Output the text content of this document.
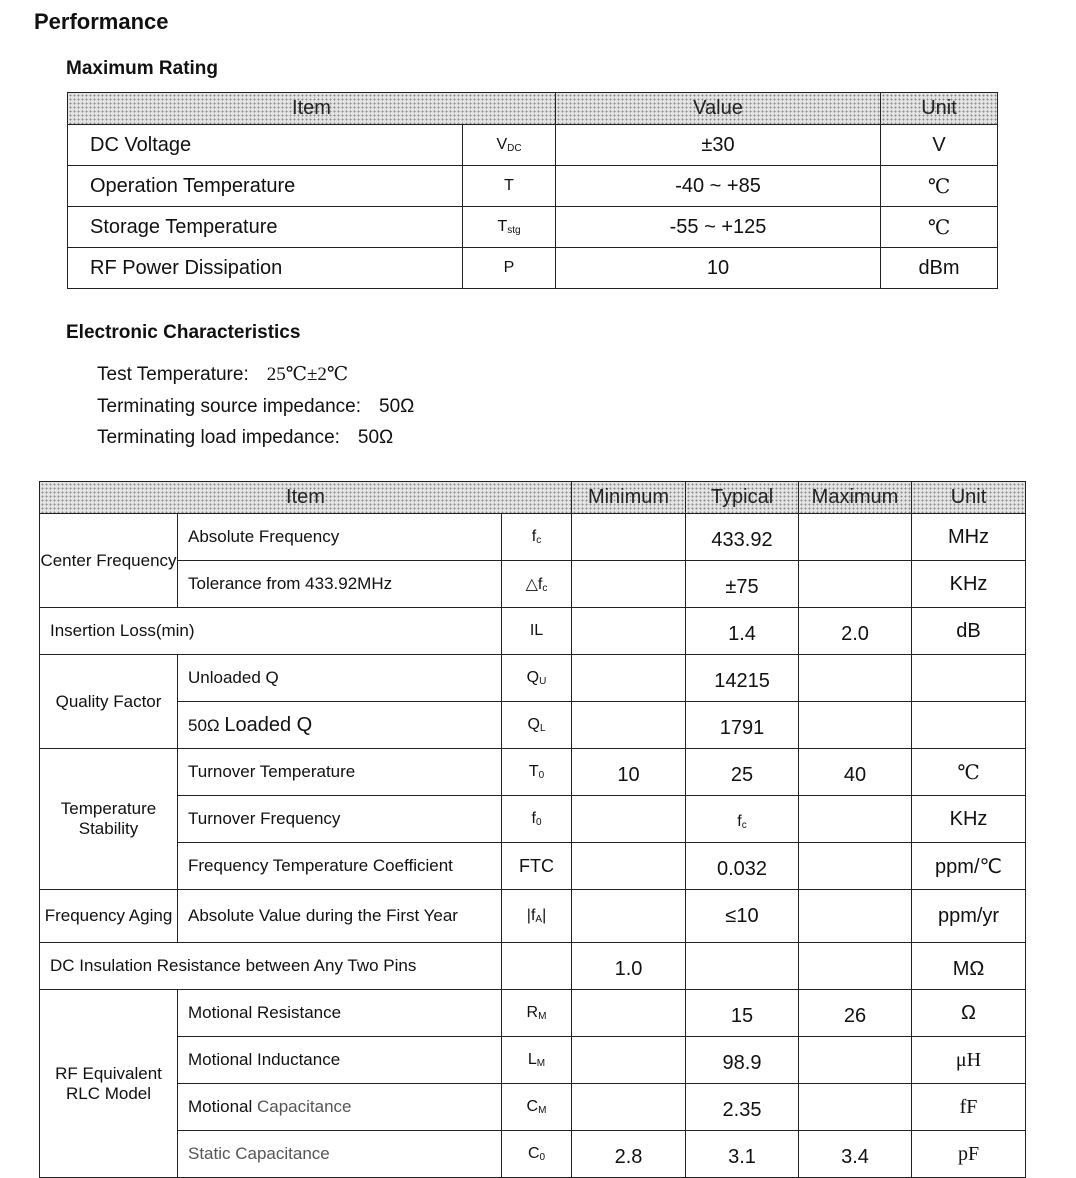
Performance
Maximum Rating
Item		Value	Unit
DC Voltage	$V_{DC}$	±30	V
Operation Temperature	T	-40 ~ +85	℃
Storage Temperature	$T_{stg}$	-55 ~ +125	℃
RF Power Dissipation	P	10	dBm
Electronic Characteristics
Test Temperature: 25℃±2℃
Terminating source impedance: 50Ω
Terminating load impedance: 50Ω
Item			Minimum	Typical	Maximum	Unit
Center Frequency	Absolute Frequency	$f_c$		433.92		MHz
	Tolerance from 433.92MHz	$\triangle f_c$		±75		KHz
Insertion Loss(min)		IL		1.4	2.0	dB
Quality Factor	Unloaded Q	$Q_U$		14215		
	50Ω Loaded Q	$Q_L$		1791		
Temperature Stability	Turnover Temperature	$T_0$	10	25	40	℃
	Turnover Frequency	$f_0$		$f_c$		KHz
	Frequency Temperature Coefficient	FTC		0.032		ppm/℃
Frequency Aging	Absolute Value during the First Year	$|f_A|$		≤10		ppm/yr
DC Insulation Resistance between Any Two Pins			1.0			MΩ
RF Equivalent RLC Model	Motional Resistance	$R_M$		15	26	Ω
	Motional Inductance	$L_M$		98.9		μH
	Motional Capacitance	$C_M$		2.35		fF
	Static Capacitance	$C_0$	2.8	3.1	3.4	pF
